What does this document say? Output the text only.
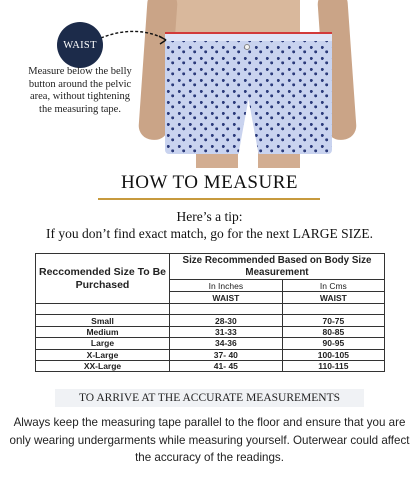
WAIST
Measure below the belly button around the pelvic area, without tightening the measuring tape.
HOW TO MEASURE
Here’s a tip:
If you don’t find exact match, go for the next LARGE SIZE.
Reccomended Size To Be Purchased	Size Recommended Based on Body Size Measurement	
	In Inches	In Cms
	WAIST	WAIST

Small	28-30	70-75
Medium	31-33	80-85
Large	34-36	90-95
X-Large	37- 40	100-105
XX-Large	41- 45	110-115
TO ARRIVE AT THE ACCURATE MEASUREMENTS
Always keep the measuring tape parallel to the floor and ensure that you are only wearing undergarments while measuring yourself. Outerwear could affect the accuracy of the readings.
